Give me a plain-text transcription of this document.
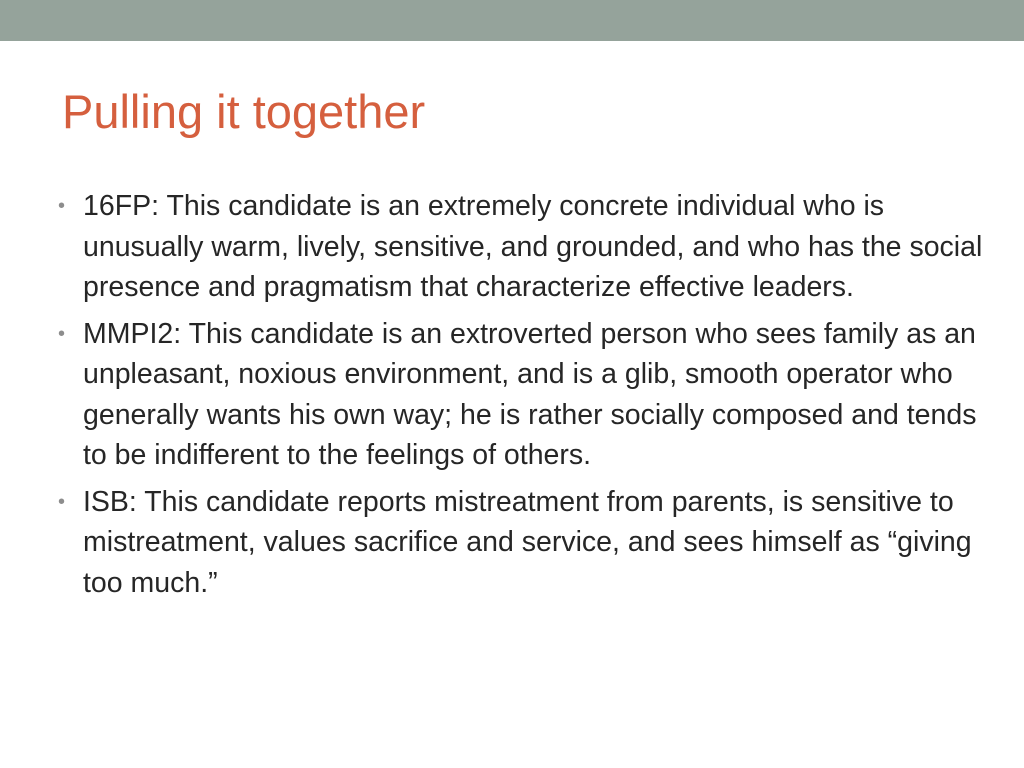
Pulling it together
• 16FP: This candidate is an extremely concrete individual who is unusually warm, lively, sensitive, and grounded, and who has the social presence and pragmatism that characterize effective leaders.
• MMPI2: This candidate is an extroverted person who sees family as an unpleasant, noxious environment, and is a glib, smooth operator who generally wants his own way; he is rather socially composed and tends to be indifferent to the feelings of others.
• ISB: This candidate reports mistreatment from parents, is sensitive to mistreatment, values sacrifice and service, and sees himself as “giving too much.”
